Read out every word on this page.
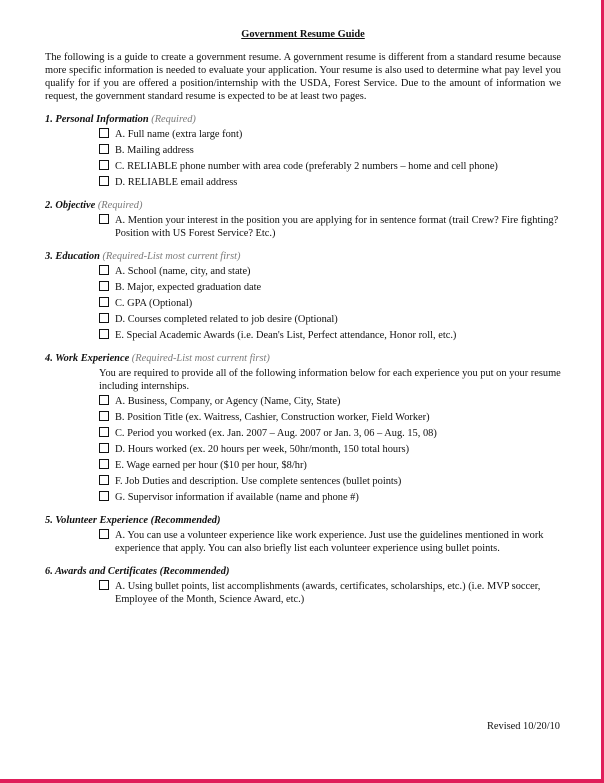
Government Resume Guide
The following is a guide to create a government resume. A government resume is different from a standard resume because more specific information is needed to evaluate your application. Your resume is also used to determine what pay level you qualify for if you are offered a position/internship with the USDA, Forest Service. Due to the amount of information we request, the government standard resume is expected to be at least two pages.
1. Personal Information (Required)
A. Full name (extra large font)
B. Mailing address
C. RELIABLE phone number with area code (preferably 2 numbers – home and cell phone)
D. RELIABLE email address
2. Objective (Required)
A. Mention your interest in the position you are applying for in sentence format (trail Crew? Fire fighting? Position with US Forest Service? Etc.)
3. Education (Required-List most current first)
A. School (name, city, and state)
B. Major, expected graduation date
C. GPA (Optional)
D. Courses completed related to job desire (Optional)
E. Special Academic Awards (i.e. Dean's List, Perfect attendance, Honor roll, etc.)
4. Work Experience (Required-List most current first)
You are required to provide all of the following information below for each experience you put on your resume including internships.
A. Business, Company, or Agency (Name, City, State)
B. Position Title (ex. Waitress, Cashier, Construction worker, Field Worker)
C. Period you worked (ex. Jan. 2007 – Aug. 2007 or Jan. 3, 06 – Aug. 15, 08)
D. Hours worked (ex. 20 hours per week, 50hr/month, 150 total hours)
E. Wage earned per hour ($10 per hour, $8/hr)
F. Job Duties and description. Use complete sentences (bullet points)
G. Supervisor information if available (name and phone #)
5. Volunteer Experience (Recommended)
A. You can use a volunteer experience like work experience. Just use the guidelines mentioned in work experience that apply. You can also briefly list each volunteer experience using bullet points.
6. Awards and Certificates (Recommended)
A. Using bullet points, list accomplishments (awards, certificates, scholarships, etc.) (i.e. MVP soccer, Employee of the Month, Science Award, etc.)
Revised 10/20/10
